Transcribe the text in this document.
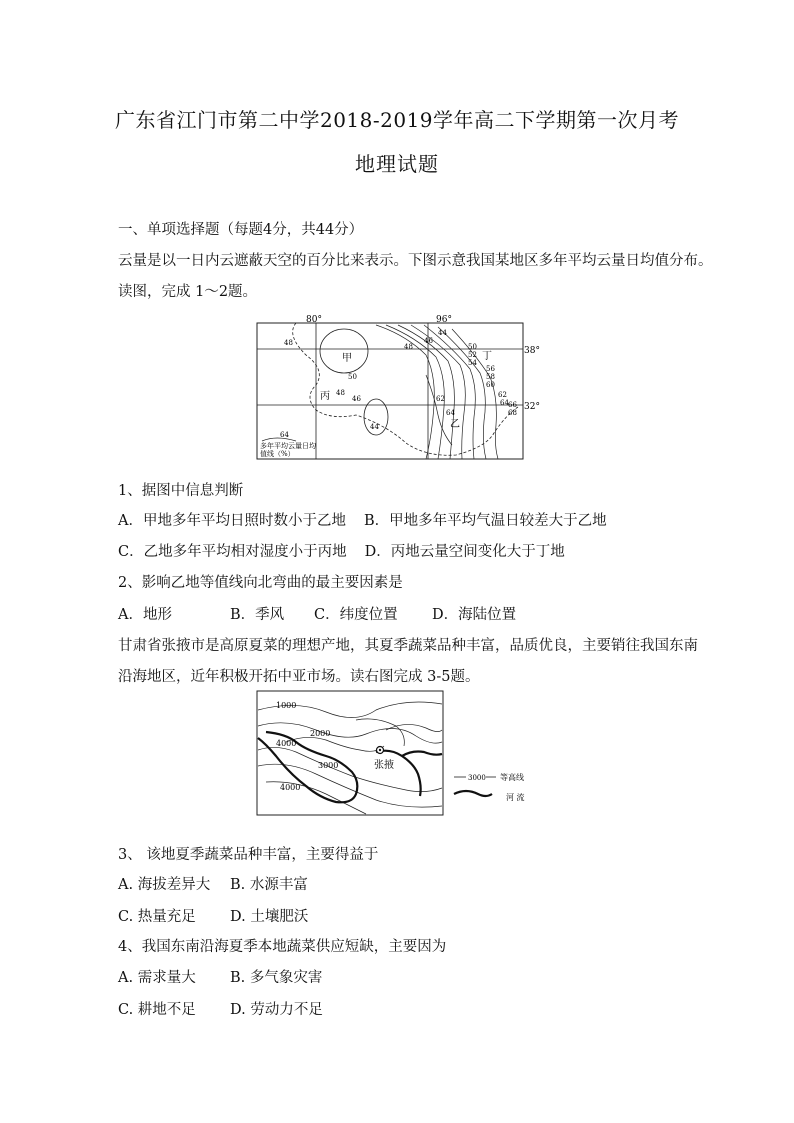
广东省江门市第二中学2018-2019学年高二下学期第一次月考
地理试题
一、单项选择题（每题4分，共44分）
云量是以一日内云遮蔽天空的百分比来表示。下图示意我国某地区多年平均云量日均值分布。
读图，完成 1～2题。
80°	96°
38°
32°
甲
乙
丙
丁
48
50
48
46
44
44
46
48	50
52
54
56
58
60
62
64 66
68
62
64
64
多年平均云量日均
值线（%）
1、据图中信息判断
A．甲地多年平均日照时数小于乙地 B．甲地多年平均气温日较差大于乙地
C．乙地多年平均相对湿度小于丙地 D．丙地云量空间变化大于丁地
2、影响乙地等值线向北弯曲的最主要因素是
A．地形	B．季风 C．纬度位置 D．海陆位置
甘肃省张掖市是高原夏菜的理想产地，其夏季蔬菜品种丰富，品质优良，主要销往我国东南
沿海地区，近年积极开拓中亚市场。读右图完成 3-5题。
1000
2000
4000
3000
4000
张掖
3000 等高线
河 流
3、 该地夏季蔬菜品种丰富，主要得益于
A. 海拔差异大 B. 水源丰富
C. 热量充足 D. 土壤肥沃
4、我国东南沿海夏季本地蔬菜供应短缺，主要因为
A. 需求量大 B. 多气象灾害
C. 耕地不足 D. 劳动力不足
